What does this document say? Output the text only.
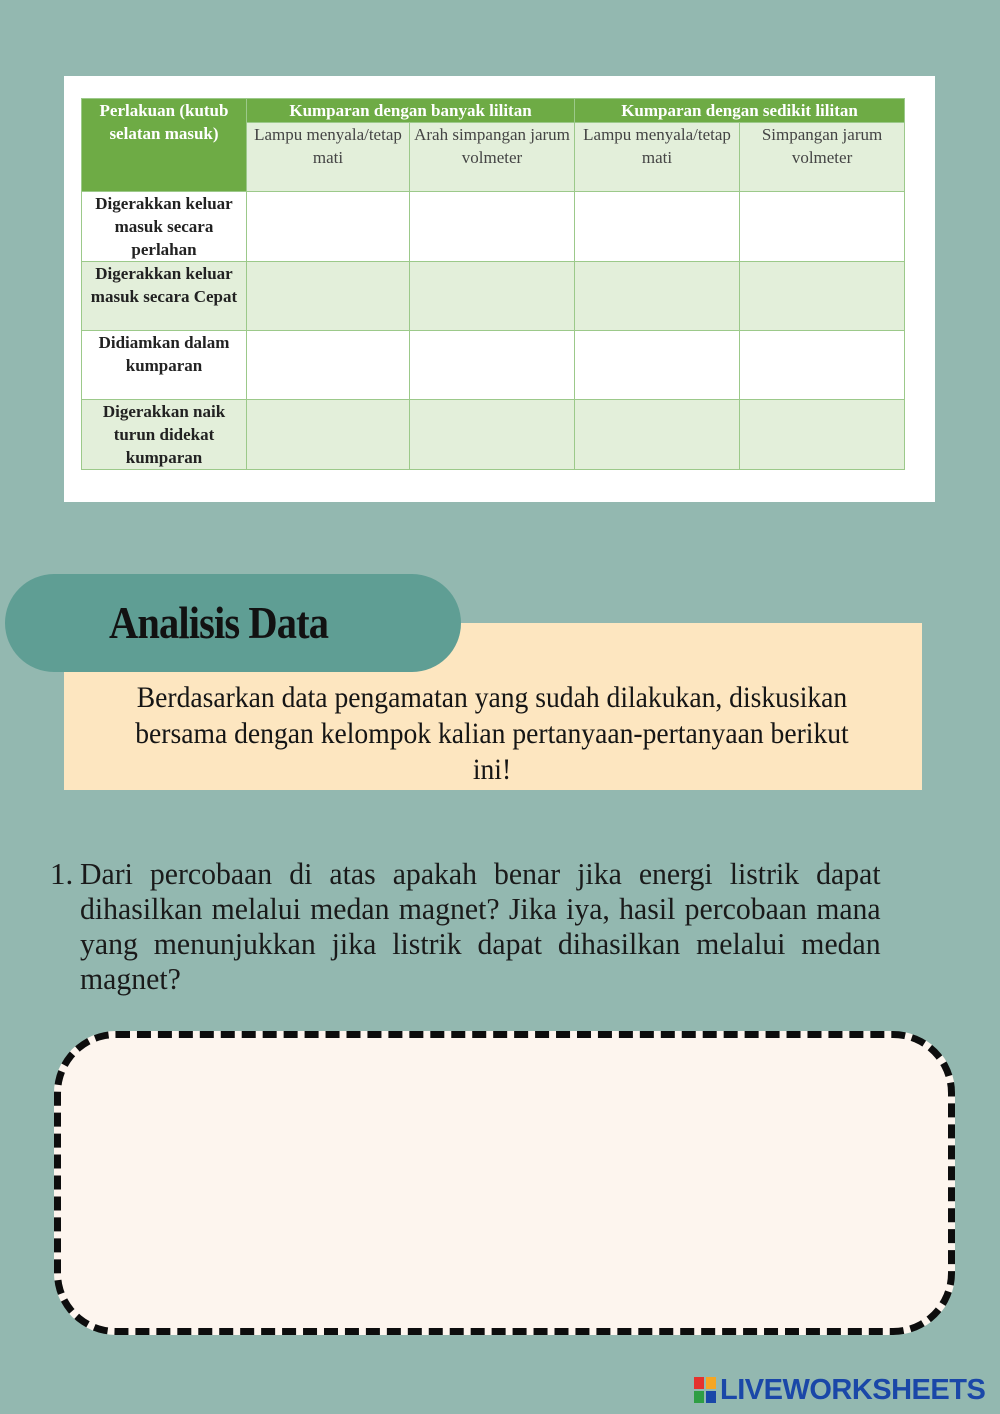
Perlakuan (kutub selatan masuk)	Kumparan dengan banyak lilitan		Kumparan dengan sedikit lilitan	
	Lampu menyala/tetap mati	Arah simpangan jarum volmeter	Lampu menyala/tetap mati	Simpangan jarum volmeter
Digerakkan keluar masuk secara perlahan				
Digerakkan keluar masuk secara Cepat				
Didiamkan dalam kumparan				
Digerakkan naik turun didekat kumparan				
Analisis Data
Berdasarkan data pengamatan yang sudah dilakukan, diskusikan bersama dengan kelompok kalian pertanyaan-pertanyaan berikut ini!
1. Dari percobaan di atas apakah benar jika energi listrik dapat dihasilkan melalui medan magnet? Jika iya, hasil percobaan mana yang menunjukkan jika listrik dapat dihasilkan melalui medan magnet?
LIVEWORKSHEETS
